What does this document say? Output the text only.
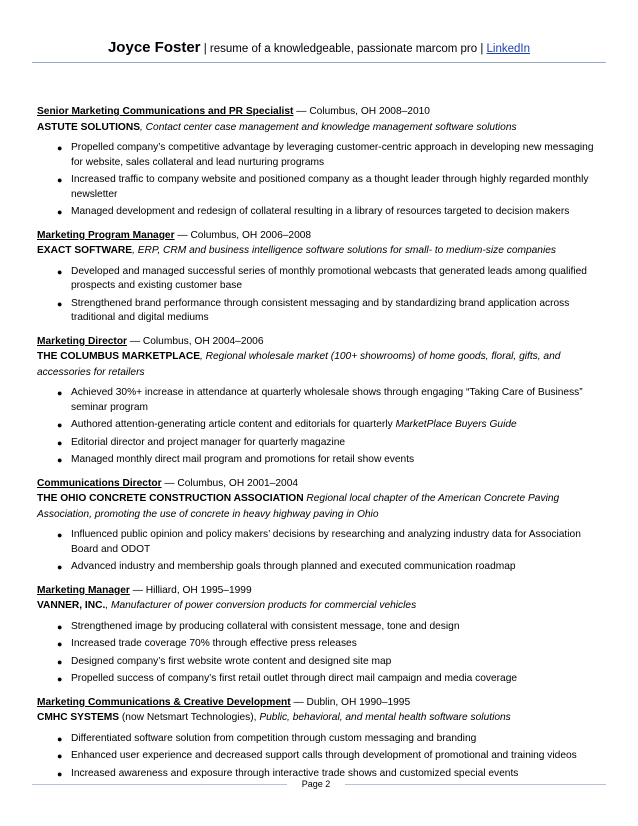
Joyce Foster | resume of a knowledgeable, passionate marcom pro | LinkedIn
Senior Marketing Communications and PR Specialist — Columbus, OH 2008–2010
ASTUTE SOLUTIONS, Contact center case management and knowledge management software solutions
● Propelled company’s competitive advantage by leveraging customer-centric approach in developing new messaging for website, sales collateral and lead nurturing programs
● Increased traffic to company website and positioned company as a thought leader through highly regarded monthly newsletter
● Managed development and redesign of collateral resulting in a library of resources targeted to decision makers
Marketing Program Manager — Columbus, OH 2006–2008
EXACT SOFTWARE, ERP, CRM and business intelligence software solutions for small- to medium-size companies
● Developed and managed successful series of monthly promotional webcasts that generated leads among qualified prospects and existing customer base
● Strengthened brand performance through consistent messaging and by standardizing brand application across traditional and digital mediums
Marketing Director — Columbus, OH 2004–2006
THE COLUMBUS MARKETPLACE, Regional wholesale market (100+ showrooms) of home goods, floral, gifts, and accessories for retailers
● Achieved 30%+ increase in attendance at quarterly wholesale shows through engaging “Taking Care of Business” seminar program
● Authored attention-generating article content and editorials for quarterly MarketPlace Buyers Guide
● Editorial director and project manager for quarterly magazine
● Managed monthly direct mail program and promotions for retail show events
Communications Director — Columbus, OH 2001–2004
THE OHIO CONCRETE CONSTRUCTION ASSOCIATION Regional local chapter of the American Concrete Paving Association, promoting the use of concrete in heavy highway paving in Ohio
● Influenced public opinion and policy makers’ decisions by researching and analyzing industry data for Association Board and ODOT
● Advanced industry and membership goals through planned and executed communication roadmap
Marketing Manager — Hilliard, OH 1995–1999
VANNER, INC., Manufacturer of power conversion products for commercial vehicles
● Strengthened image by producing collateral with consistent message, tone and design
● Increased trade coverage 70% through effective press releases
● Designed company’s first website wrote content and designed site map
● Propelled success of company’s first retail outlet through direct mail campaign and media coverage
Marketing Communications & Creative Development — Dublin, OH 1990–1995
CMHC SYSTEMS (now Netsmart Technologies), Public, behavioral, and mental health software solutions
● Differentiated software solution from competition through custom messaging and branding
● Enhanced user experience and decreased support calls through development of promotional and training videos
● Increased awareness and exposure through interactive trade shows and customized special events
Page 2
